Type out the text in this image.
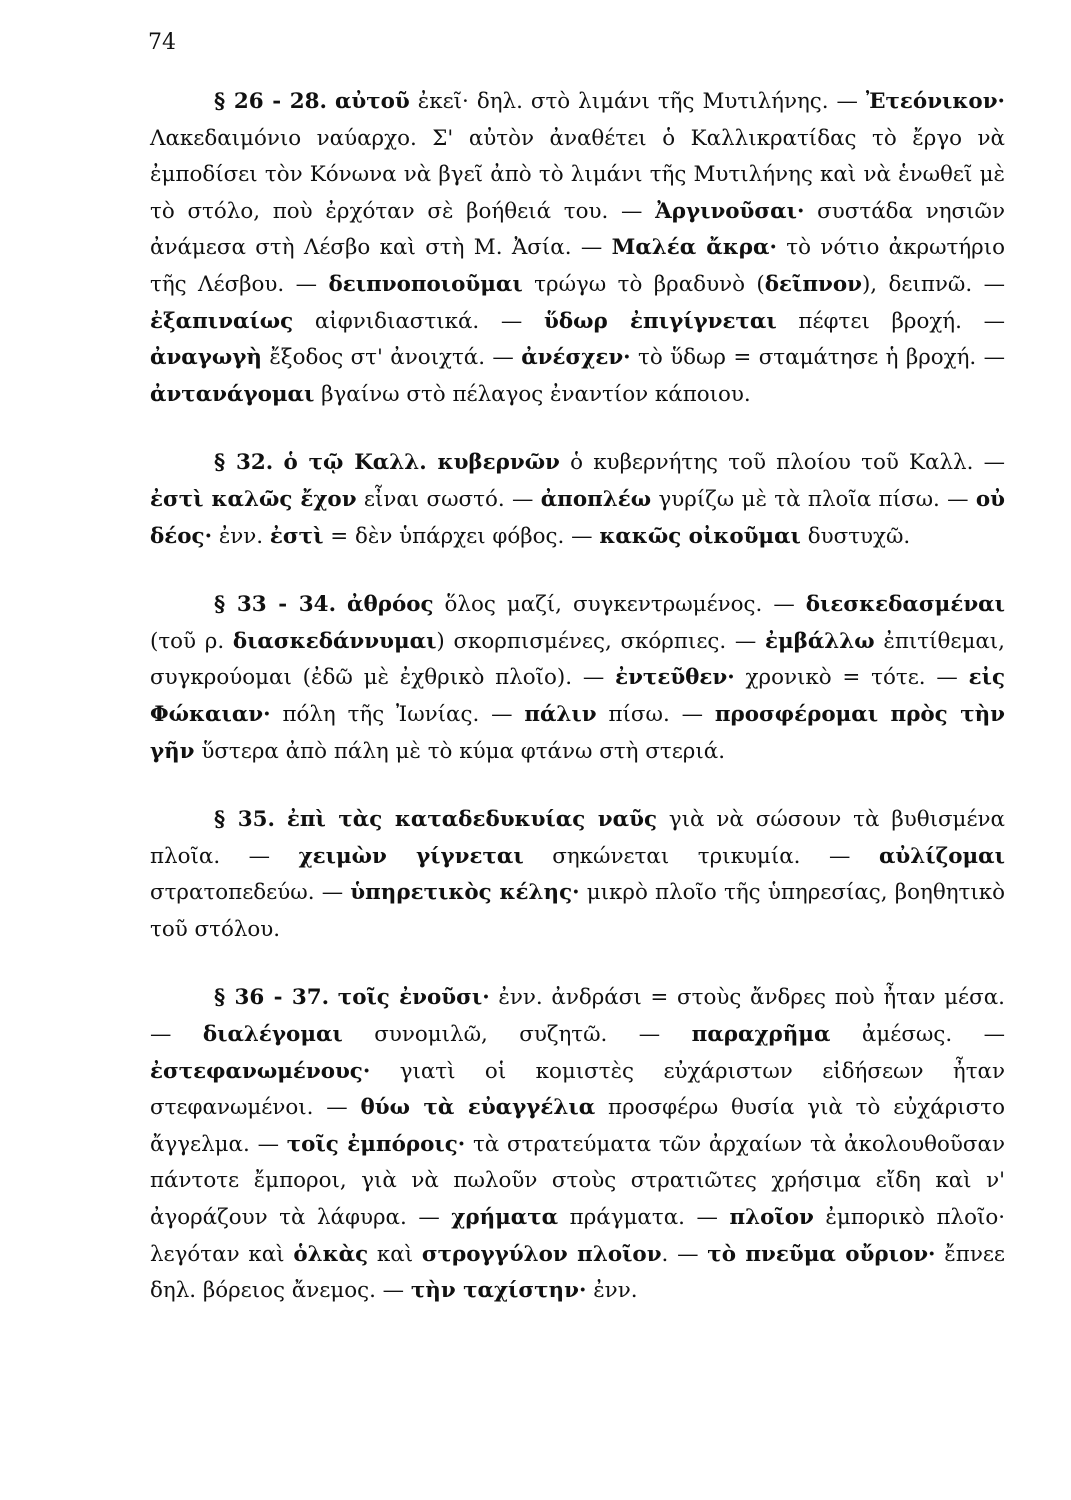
74

§ 26 - 28. αὐτοῦ ἐκεῖ· δηλ. στὸ λιμάνι τῆς Μυτιλήνης. — Ἐτεόνικον· Λακεδαιμόνιο ναύαρχο. Σ' αὐτὸν ἀναθέτει ὁ Καλλικρατίδας τὸ ἔργο νὰ ἐμποδίσει τὸν Κόνωνα νὰ βγεῖ ἀπὸ τὸ λιμάνι τῆς Μυτιλήνης καὶ νὰ ἑνωθεῖ μὲ τὸ στόλο, ποὺ ἐρχόταν σὲ βοήθειά του. — Ἀργινοῦσαι· συστάδα νησιῶν ἀνάμεσα στὴ Λέσβο καὶ στὴ Μ. Ἀσία. — Μαλέα ἄκρα· τὸ νότιο ἀκρωτήριο τῆς Λέσβου. — δειπνοποιοῦμαι τρώγω τὸ βραδυνὸ (δεῖπνον), δειπνῶ. — ἐξαπιναίως αἰφνιδιαστικά. — ὕδωρ ἐπιγίγνεται πέφτει βροχή. — ἀναγωγὴ ἔξοδος στ' ἀνοιχτά. — ἀνέσχεν· τὸ ὕδωρ = σταμάτησε ἡ βροχή. — ἀντανάγομαι βγαίνω στὸ πέλαγος ἐναντίον κάποιου.

§ 32. ὁ τῷ Καλλ. κυβερνῶν ὁ κυβερνήτης τοῦ πλοίου τοῦ Καλλ. — ἐστὶ καλῶς ἔχον εἶναι σωστό. — ἀποπλέω γυρίζω μὲ τὰ πλοῖα πίσω. — οὐ δέος· ἐνν. ἐστὶ = δὲν ὑπάρχει φόβος. — κακῶς οἰκοῦμαι δυστυχῶ.

§ 33 - 34. ἀθρόος ὅλος μαζί, συγκεντρωμένος. — διεσκεδασμέναι (τοῦ ρ. διασκεδάννυμαι) σκορπισμένες, σκόρπιες. — ἐμβάλλω ἐπιτίθεμαι, συγκρούομαι (ἐδῶ μὲ ἐχθρικὸ πλοῖο). — ἐντεῦθεν· χρονικὸ = τότε. — εἰς Φώκαιαν· πόλη τῆς Ἰωνίας. — πάλιν πίσω. — προσφέρομαι πρὸς τὴν γῆν ὕστερα ἀπὸ πάλη μὲ τὸ κύμα φτάνω στὴ στεριά.

§ 35. ἐπὶ τὰς καταδεδυκυίας ναῦς γιὰ νὰ σώσουν τὰ βυθισμένα πλοῖα. — χειμὼν γίγνεται σηκώνεται τρικυμία. — αὐλίζομαι στρατοπεδεύω. — ὑπηρετικὸς κέλης· μικρὸ πλοῖο τῆς ὑπηρεσίας, βοηθητικὸ τοῦ στόλου.

§ 36 - 37. τοῖς ἐνοῦσι· ἐνν. ἀνδράσι = στοὺς ἄνδρες ποὺ ἦταν μέσα. — διαλέγομαι συνομιλῶ, συζητῶ. — παραχρῆμα ἀμέσως. — ἐστεφανωμένους· γιατὶ οἱ κομιστὲς εὐχάριστων εἰδήσεων ἦταν στεφανωμένοι. — θύω τὰ εὐαγγέλια προσφέρω θυσία γιὰ τὸ εὐχάριστο ἄγγελμα. — τοῖς ἐμπόροις· τὰ στρατεύματα τῶν ἀρχαίων τὰ ἀκολουθοῦσαν πάντοτε ἔμποροι, γιὰ νὰ πωλοῦν στοὺς στρατιῶτες χρήσιμα εἴδη καὶ ν' ἀγοράζουν τὰ λάφυρα. — χρήματα πράγματα. — πλοῖον ἐμπορικὸ πλοῖο· λεγόταν καὶ ὁλκὰς καὶ στρογγύλον πλοῖον. — τὸ πνεῦμα οὔριον· ἔπνεε δηλ. βόρειος ἄνεμος. — τὴν ταχίστην· ἐνν.
